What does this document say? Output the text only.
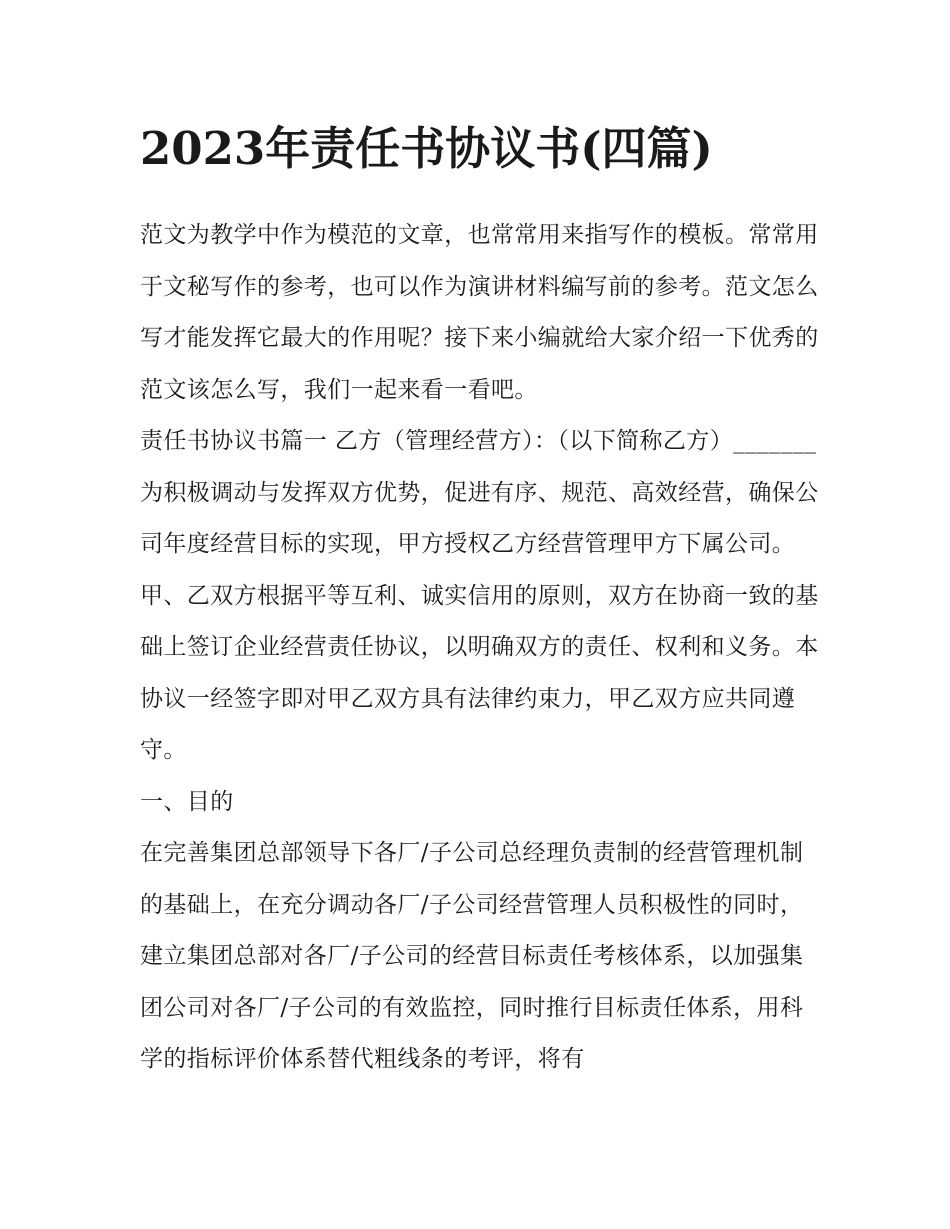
2023年责任书协议书(四篇)

范文为教学中作为模范的文章，也常常用来指写作的模板。常常用于文秘写作的参考，也可以作为演讲材料编写前的参考。范文怎么写才能发挥它最大的作用呢？接下来小编就给大家介绍一下优秀的范文该怎么写，我们一起来看一看吧。

责任书协议书篇一 乙方（管理经营方）：（以下简称乙方）_______

为积极调动与发挥双方优势，促进有序、规范、高效经营，确保公司年度经营目标的实现，甲方授权乙方经营管理甲方下属公司。甲、乙双方根据平等互利、诚实信用的原则，双方在协商一致的基础上签订企业经营责任协议，以明确双方的责任、权利和义务。本协议一经签字即对甲乙双方具有法律约束力，甲乙双方应共同遵守。

一、目的

在完善集团总部领导下各厂/子公司总经理负责制的经营管理机制的基础上，在充分调动各厂/子公司经营管理人员积极性的同时，建立集团总部对各厂/子公司的经营目标责任考核体系，以加强集团公司对各厂/子公司的有效监控，同时推行目标责任体系，用科学的指标评价体系替代粗线条的考评，将有
